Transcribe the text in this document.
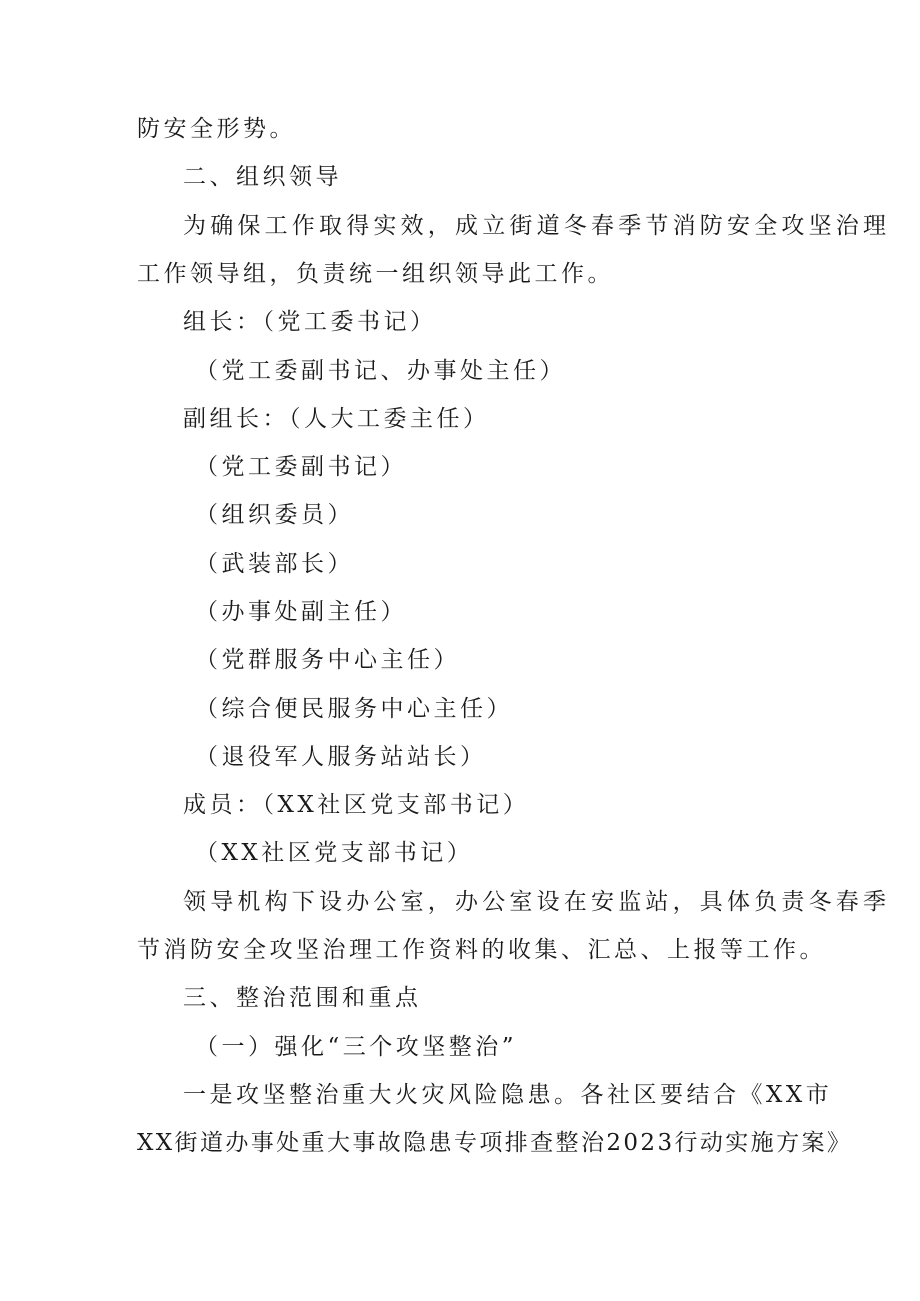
防安全形势。
二、组织领导
为确保工作取得实效，成立街道冬春季节消防安全攻坚治理
工作领导组，负责统一组织领导此工作。
组长：（党工委书记）
（党工委副书记、办事处主任）
副组长：（人大工委主任）
（党工委副书记）
（组织委员）
（武装部长）
（办事处副主任）
（党群服务中心主任）
（综合便民服务中心主任）
（退役军人服务站站长）
成员：（XX社区党支部书记）
（XX社区党支部书记）
领导机构下设办公室，办公室设在安监站，具体负责冬春季
节消防安全攻坚治理工作资料的收集、汇总、上报等工作。
三、整治范围和重点
（一）强化“三个攻坚整治”
一是攻坚整治重大火灾风险隐患。各社区要结合《XX市
XX街道办事处重大事故隐患专项排查整治2023行动实施方案》
